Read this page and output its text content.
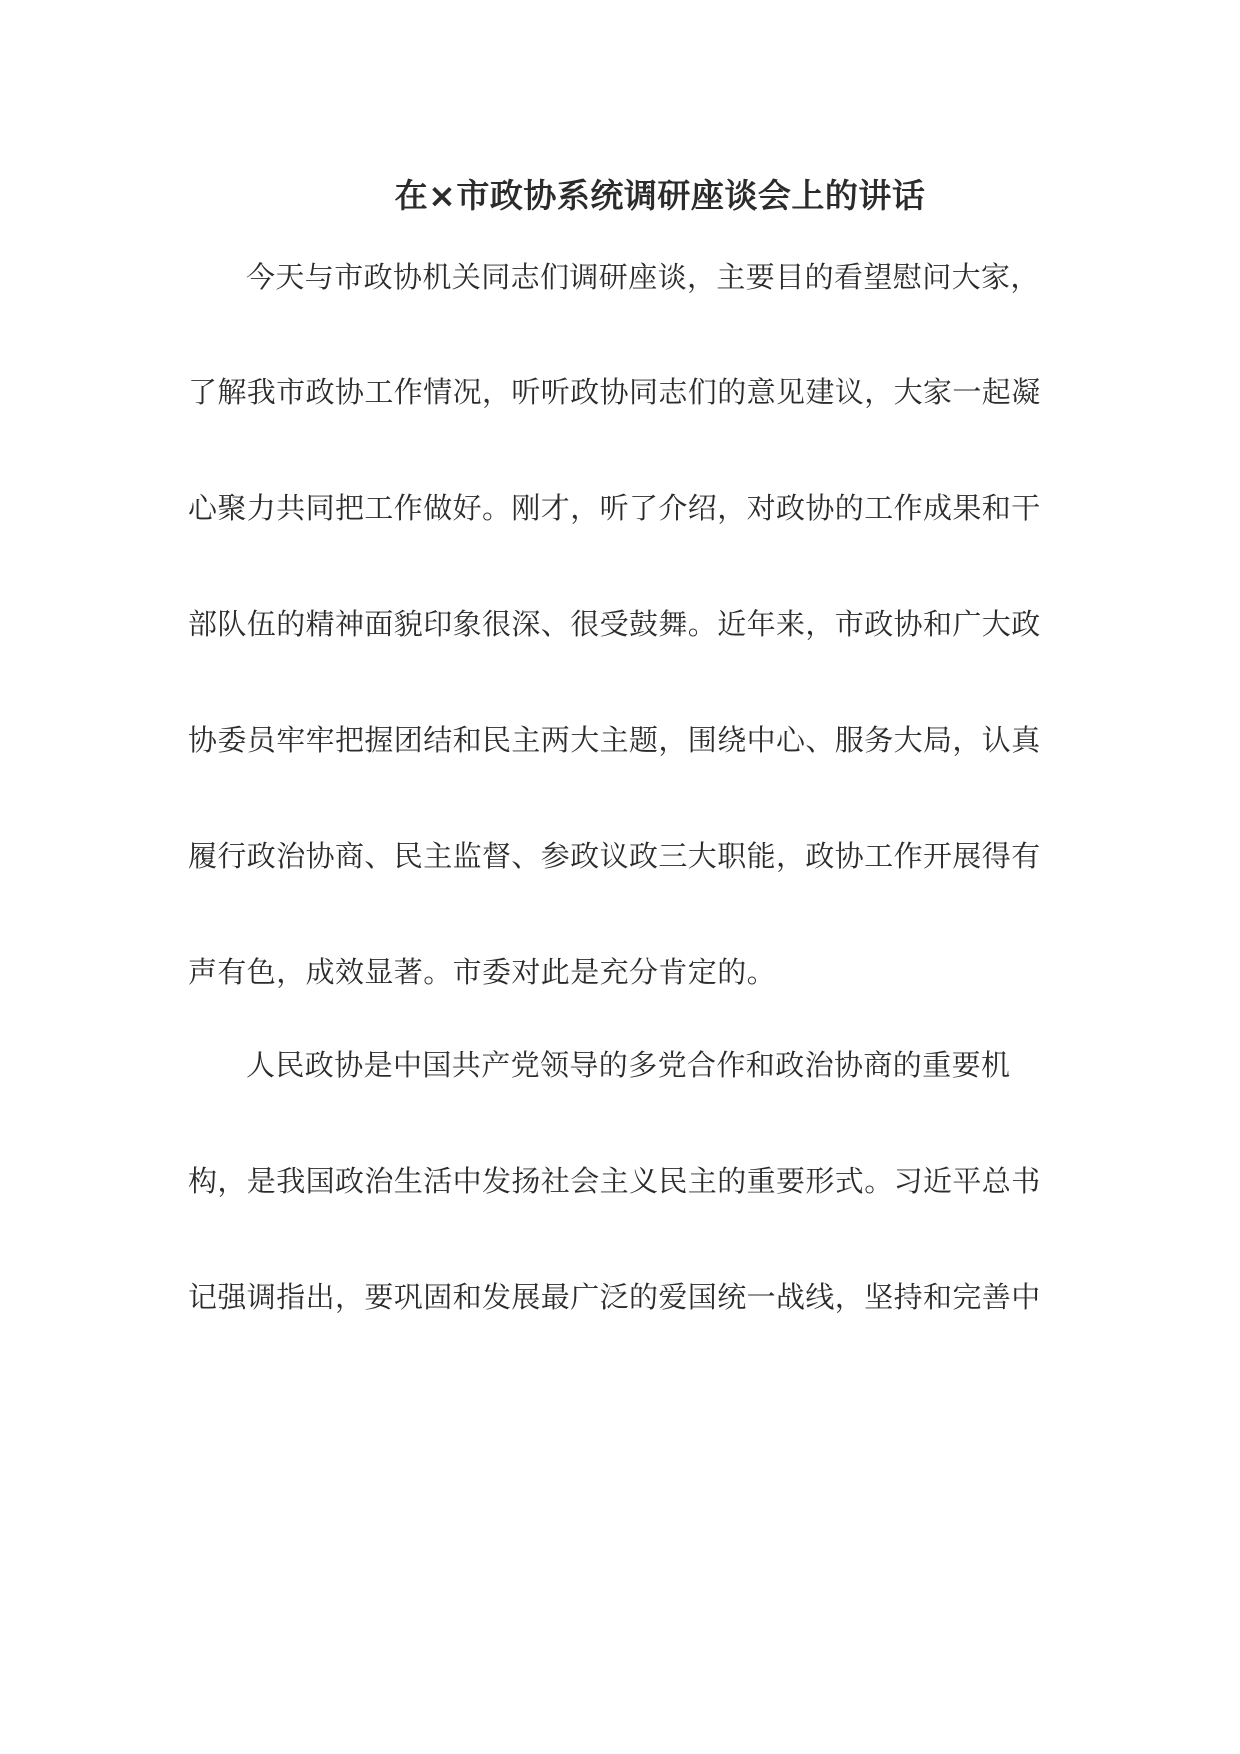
在×市政协系统调研座谈会上的讲话
今天与市政协机关同志们调研座谈，主要目的看望慰问大家，
了解我市政协工作情况，听听政协同志们的意见建议，大家一起凝
心聚力共同把工作做好。刚才，听了介绍，对政协的工作成果和干
部队伍的精神面貌印象很深、很受鼓舞。近年来，市政协和广大政
协委员牢牢把握团结和民主两大主题，围绕中心、服务大局，认真
履行政治协商、民主监督、参政议政三大职能，政协工作开展得有
声有色，成效显著。市委对此是充分肯定的。
人民政协是中国共产党领导的多党合作和政治协商的重要机
构，是我国政治生活中发扬社会主义民主的重要形式。习近平总书
记强调指出，要巩固和发展最广泛的爱国统一战线，坚持和完善中
